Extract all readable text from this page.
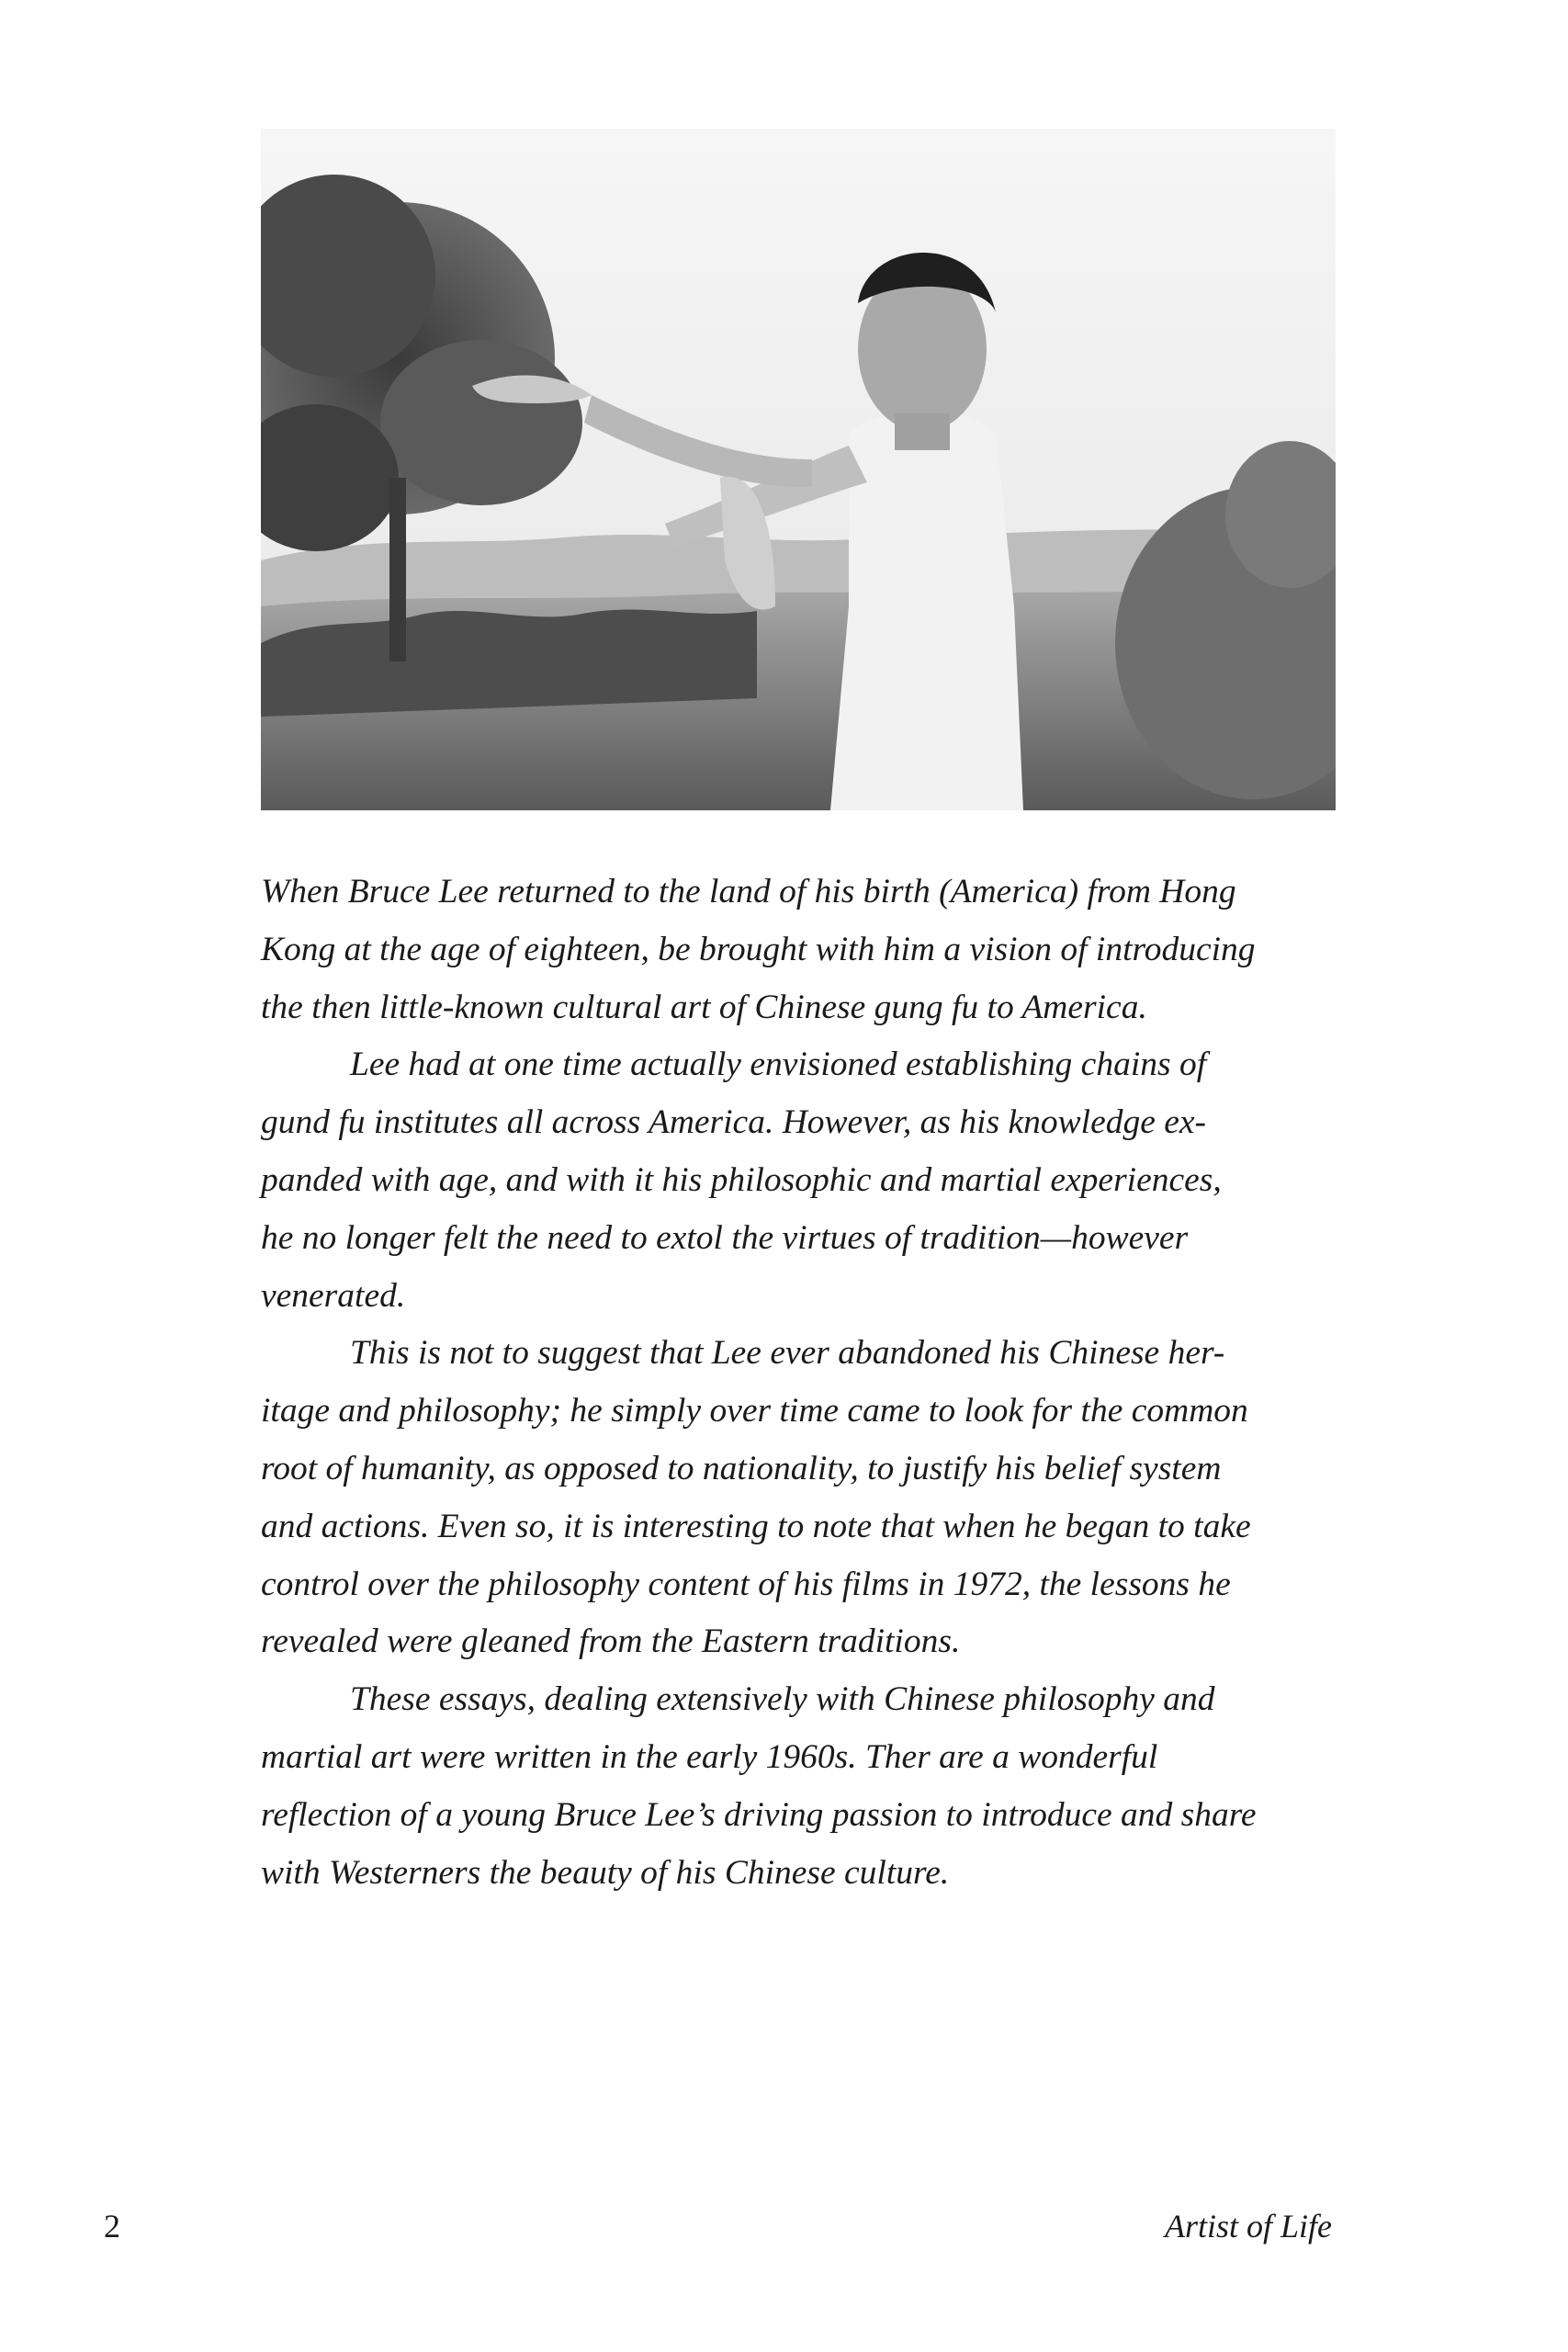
When Bruce Lee returned to the land of his birth (America) from Hong
Kong at the age of eighteen, be brought with him a vision of introducing
the then little-known cultural art of Chinese gung fu to America.

Lee had at one time actually envisioned establishing chains of
gund fu institutes all across America. However, as his knowledge ex-
panded with age, and with it his philosophic and martial experiences,
he no longer felt the need to extol the virtues of tradition—however
venerated.

This is not to suggest that Lee ever abandoned his Chinese her-
itage and philosophy; he simply over time came to look for the common
root of humanity, as opposed to nationality, to justify his belief system
and actions. Even so, it is interesting to note that when he began to take
control over the philosophy content of his films in 1972, the lessons he
revealed were gleaned from the Eastern traditions.

These essays, dealing extensively with Chinese philosophy and
martial art were written in the early 1960s. Ther are a wonderful
reflection of a young Bruce Lee’s driving passion to introduce and share
with Westerners the beauty of his Chinese culture.

2	Artist of Life
